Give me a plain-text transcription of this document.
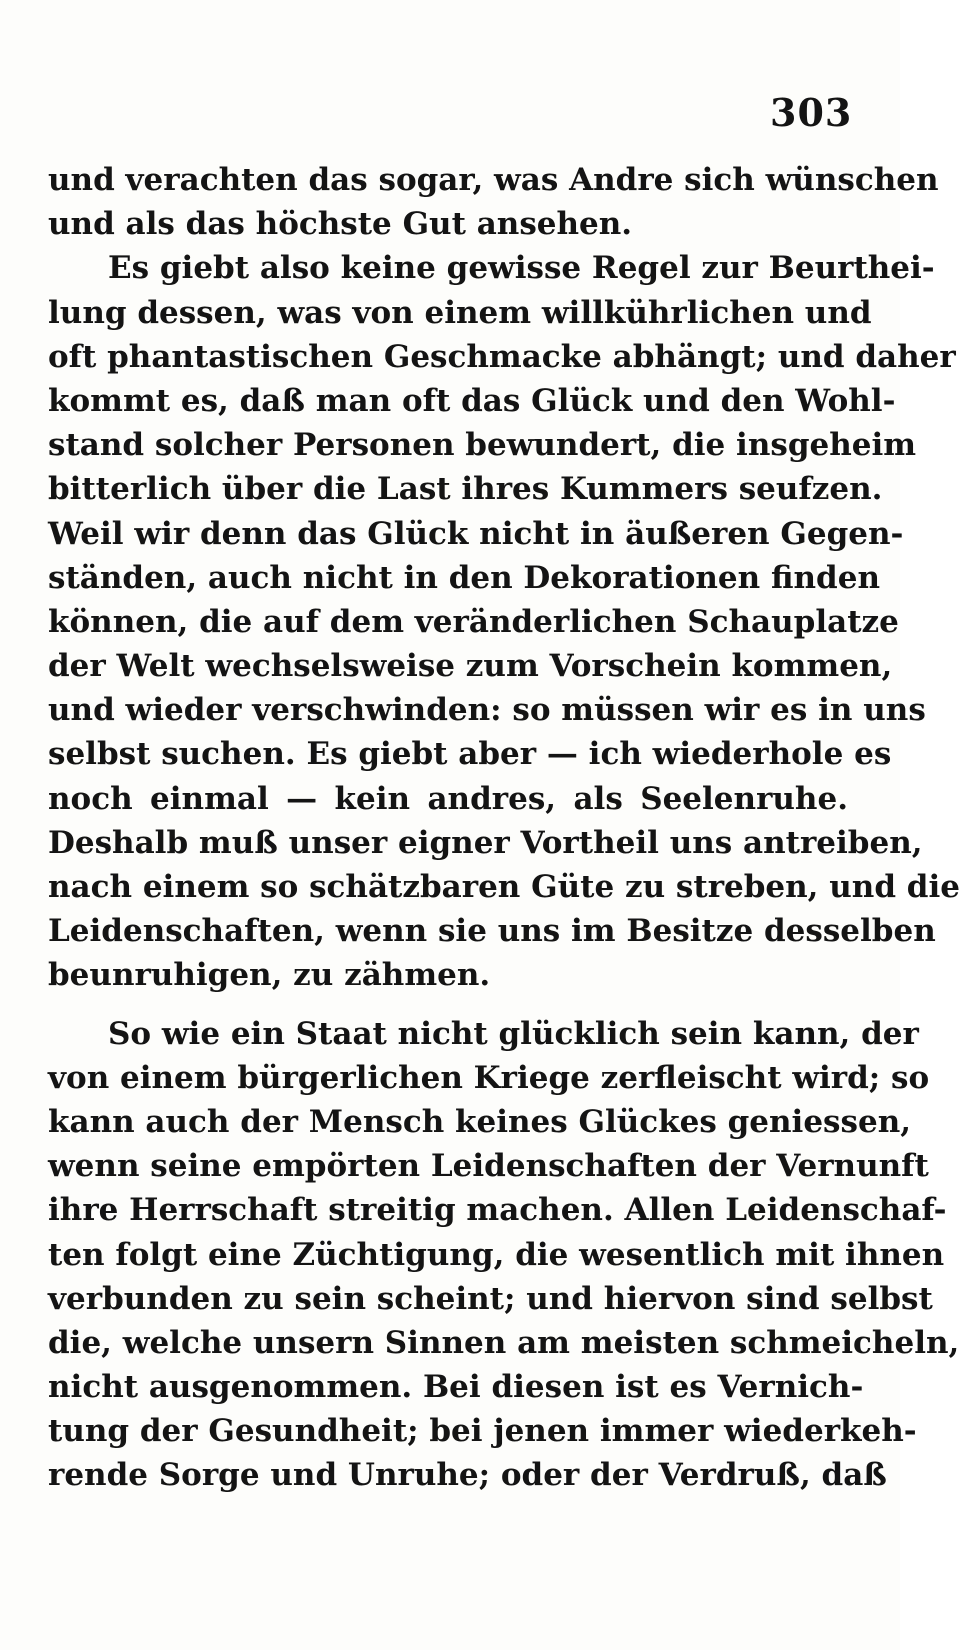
303
und verachten das sogar, was Andre sich wünschen
und als das höchste Gut ansehen.
Es giebt also keine gewisse Regel zur Beurthei-
lung dessen, was von einem willkührlichen und
oft phantastischen Geschmacke abhängt; und daher
kommt es, daß man oft das Glück und den Wohl-
stand solcher Personen bewundert, die insgeheim
bitterlich über die Last ihres Kummers seufzen.
Weil wir denn das Glück nicht in äußeren Gegen-
ständen, auch nicht in den Dekorationen finden
können, die auf dem veränderlichen Schauplatze
der Welt wechselsweise zum Vorschein kommen,
und wieder verschwinden: so müssen wir es in uns
selbst suchen. Es giebt aber — ich wiederhole es
noch einmal — kein andres, als Seelenruhe.
Deshalb muß unser eigner Vortheil uns antreiben,
nach einem so schätzbaren Güte zu streben, und die
Leidenschaften, wenn sie uns im Besitze desselben
beunruhigen, zu zähmen.
So wie ein Staat nicht glücklich sein kann, der
von einem bürgerlichen Kriege zerfleischt wird; so
kann auch der Mensch keines Glückes geniessen,
wenn seine empörten Leidenschaften der Vernunft
ihre Herrschaft streitig machen. Allen Leidenschaf-
ten folgt eine Züchtigung, die wesentlich mit ihnen
verbunden zu sein scheint; und hiervon sind selbst
die, welche unsern Sinnen am meisten schmeicheln,
nicht ausgenommen. Bei diesen ist es Vernich-
tung der Gesundheit; bei jenen immer wiederkeh-
rende Sorge und Unruhe; oder der Verdruß, daß
